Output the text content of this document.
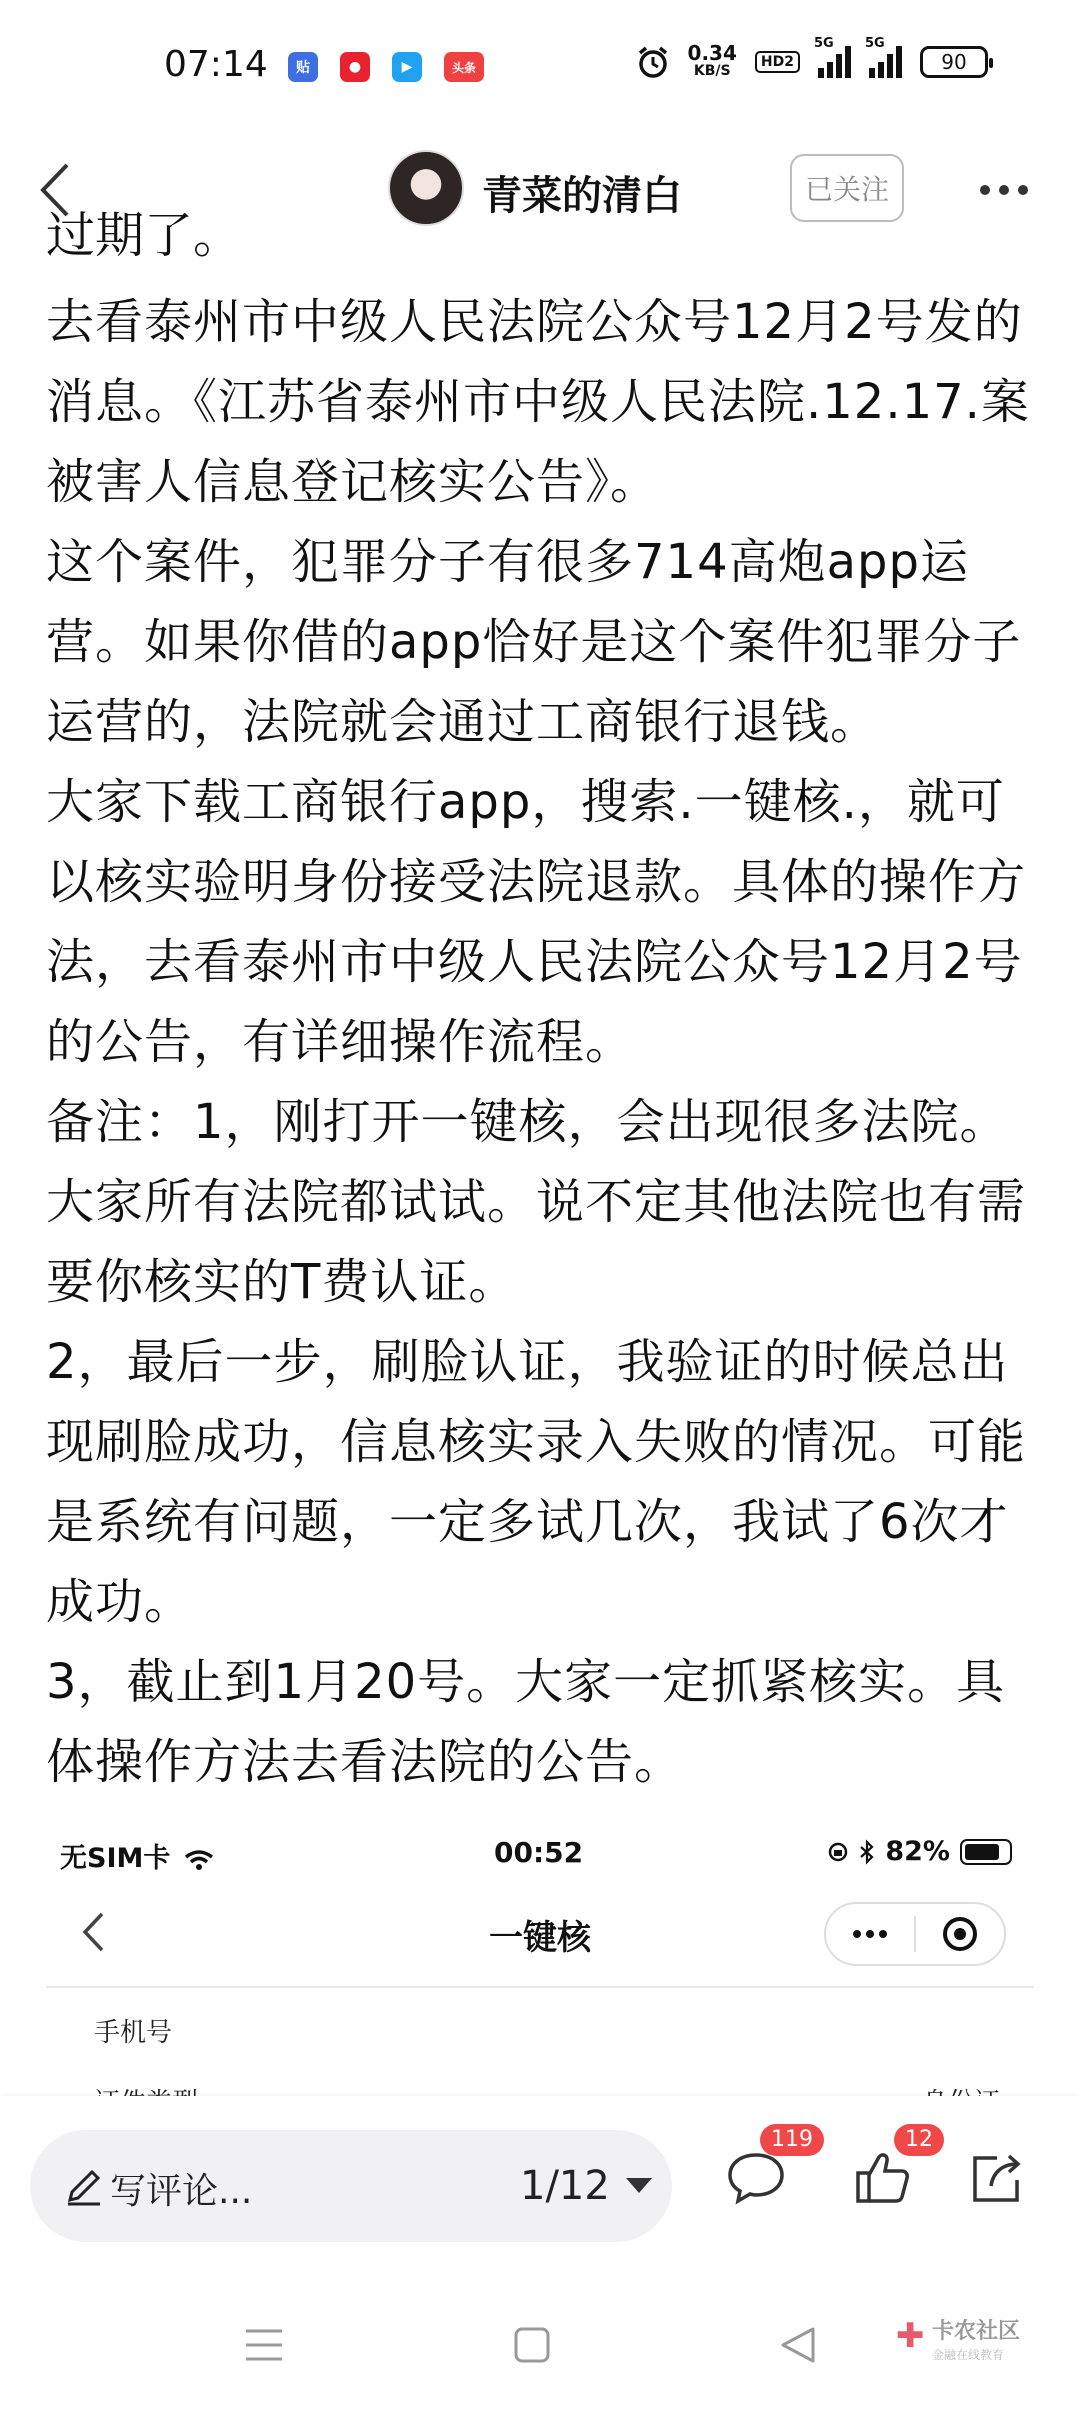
07:14	贴	●	▶	头条
0.34
KB/S
HD2
5G 5G
90
青菜的清白	已关注
过期了。

去看泰州市中级人民法院公众号12月2号发的消息。《江苏省泰州市中级人民法院.12.17.案被害人信息登记核实公告》。

这个案件，犯罪分子有很多714高炮app运营。如果你借的app恰好是这个案件犯罪分子运营的，法院就会通过工商银行退钱。

大家下载工商银行app，搜索.一键核.，就可以核实验明身份接受法院退款。具体的操作方法，去看泰州市中级人民法院公众号12月2号的公告，有详细操作流程。

备注：1，刚打开一键核，会出现很多法院。大家所有法院都试试。说不定其他法院也有需要你核实的T费认证。

2，最后一步，刷脸认证，我验证的时候总出现刷脸成功，信息核实录入失败的情况。可能是系统有问题，一定多试几次，我试了6次才成功。

3，截止到1月20号。大家一定抓紧核实。具体操作方法去看法院的公告。

无SIM卡	00:52	82%
一键核
手机号
写评论...	1/12
119	12
✚ 卡农社区
金融在线教育
